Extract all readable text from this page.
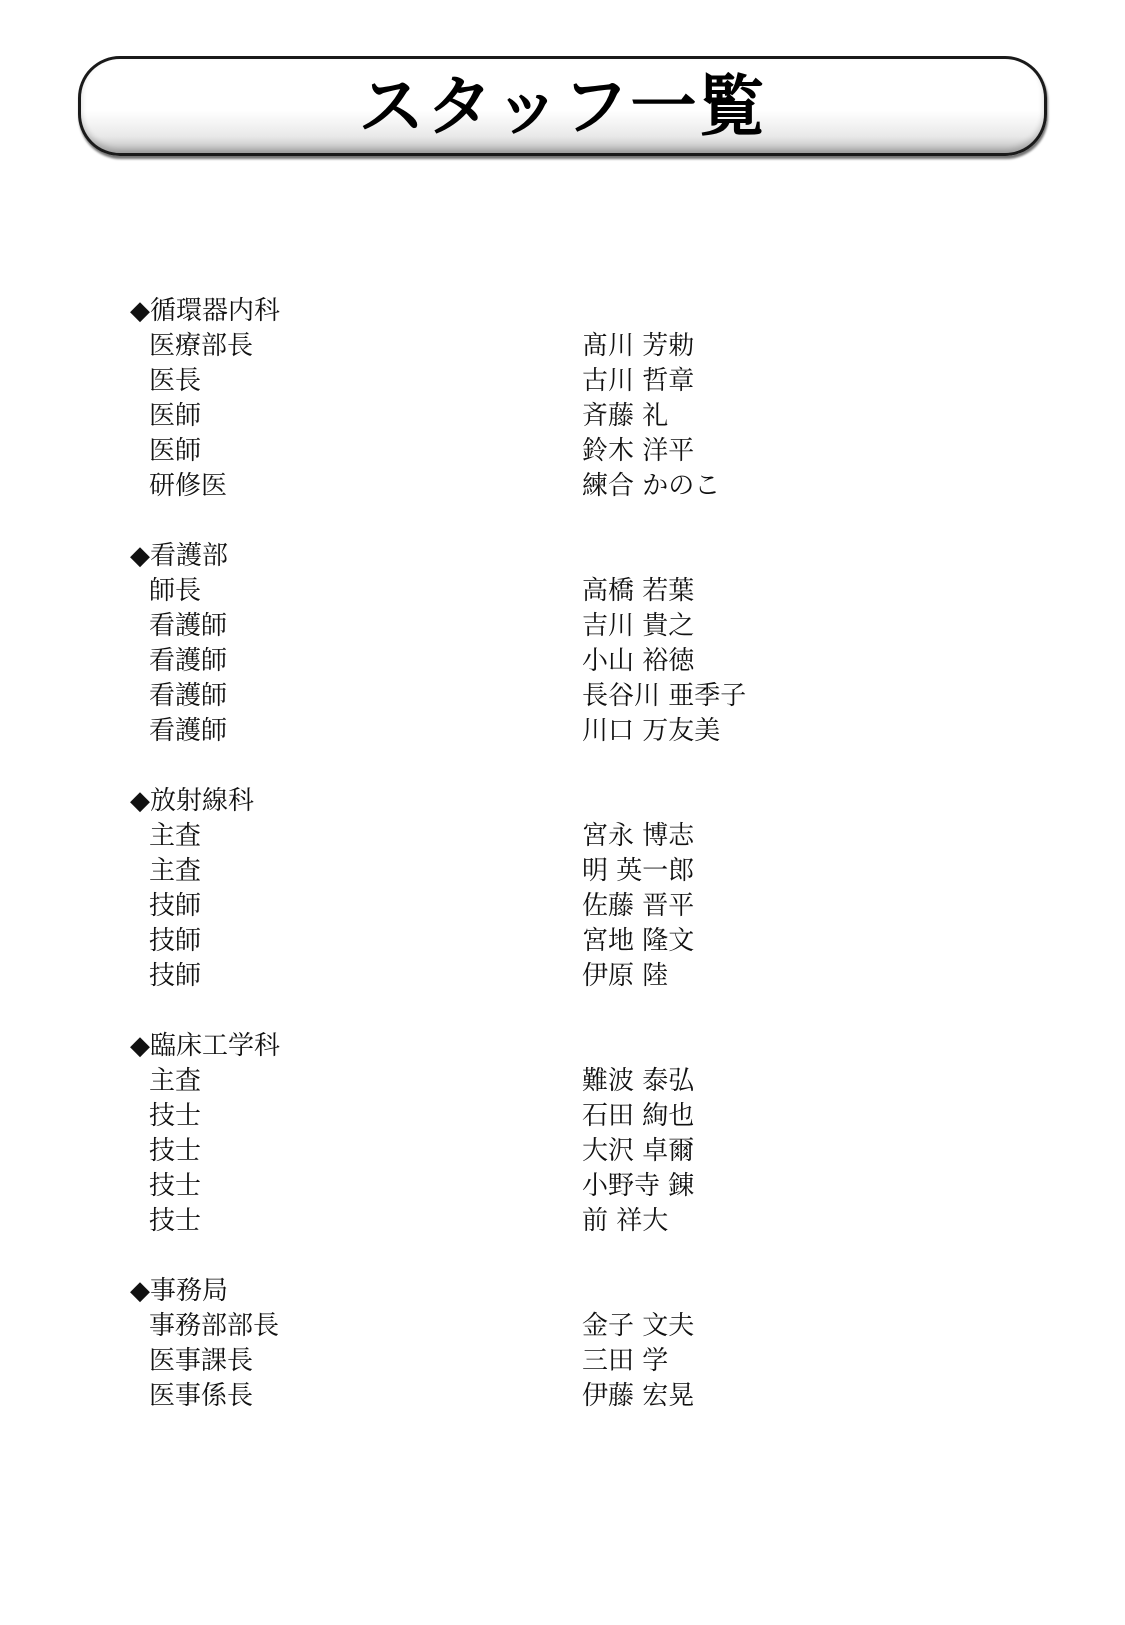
スタッフ一覧
◆循環器内科
医療部長	髙川 芳勅
医長	古川 哲章
医師	斉藤 礼
医師	鈴木 洋平
研修医	練合 かのこ
◆看護部
師長	高橋 若葉
看護師	吉川 貴之
看護師	小山 裕徳
看護師	長谷川 亜季子
看護師	川口 万友美
◆放射線科
主査	宮永 博志
主査	明 英一郎
技師	佐藤 晋平
技師	宮地 隆文
技師	伊原 陸
◆臨床工学科
主査	難波 泰弘
技士	石田 絢也
技士	大沢 卓爾
技士	小野寺 錬
技士	前 祥大
◆事務局
事務部部長	金子 文夫
医事課長	三田 学
医事係長	伊藤 宏晃
